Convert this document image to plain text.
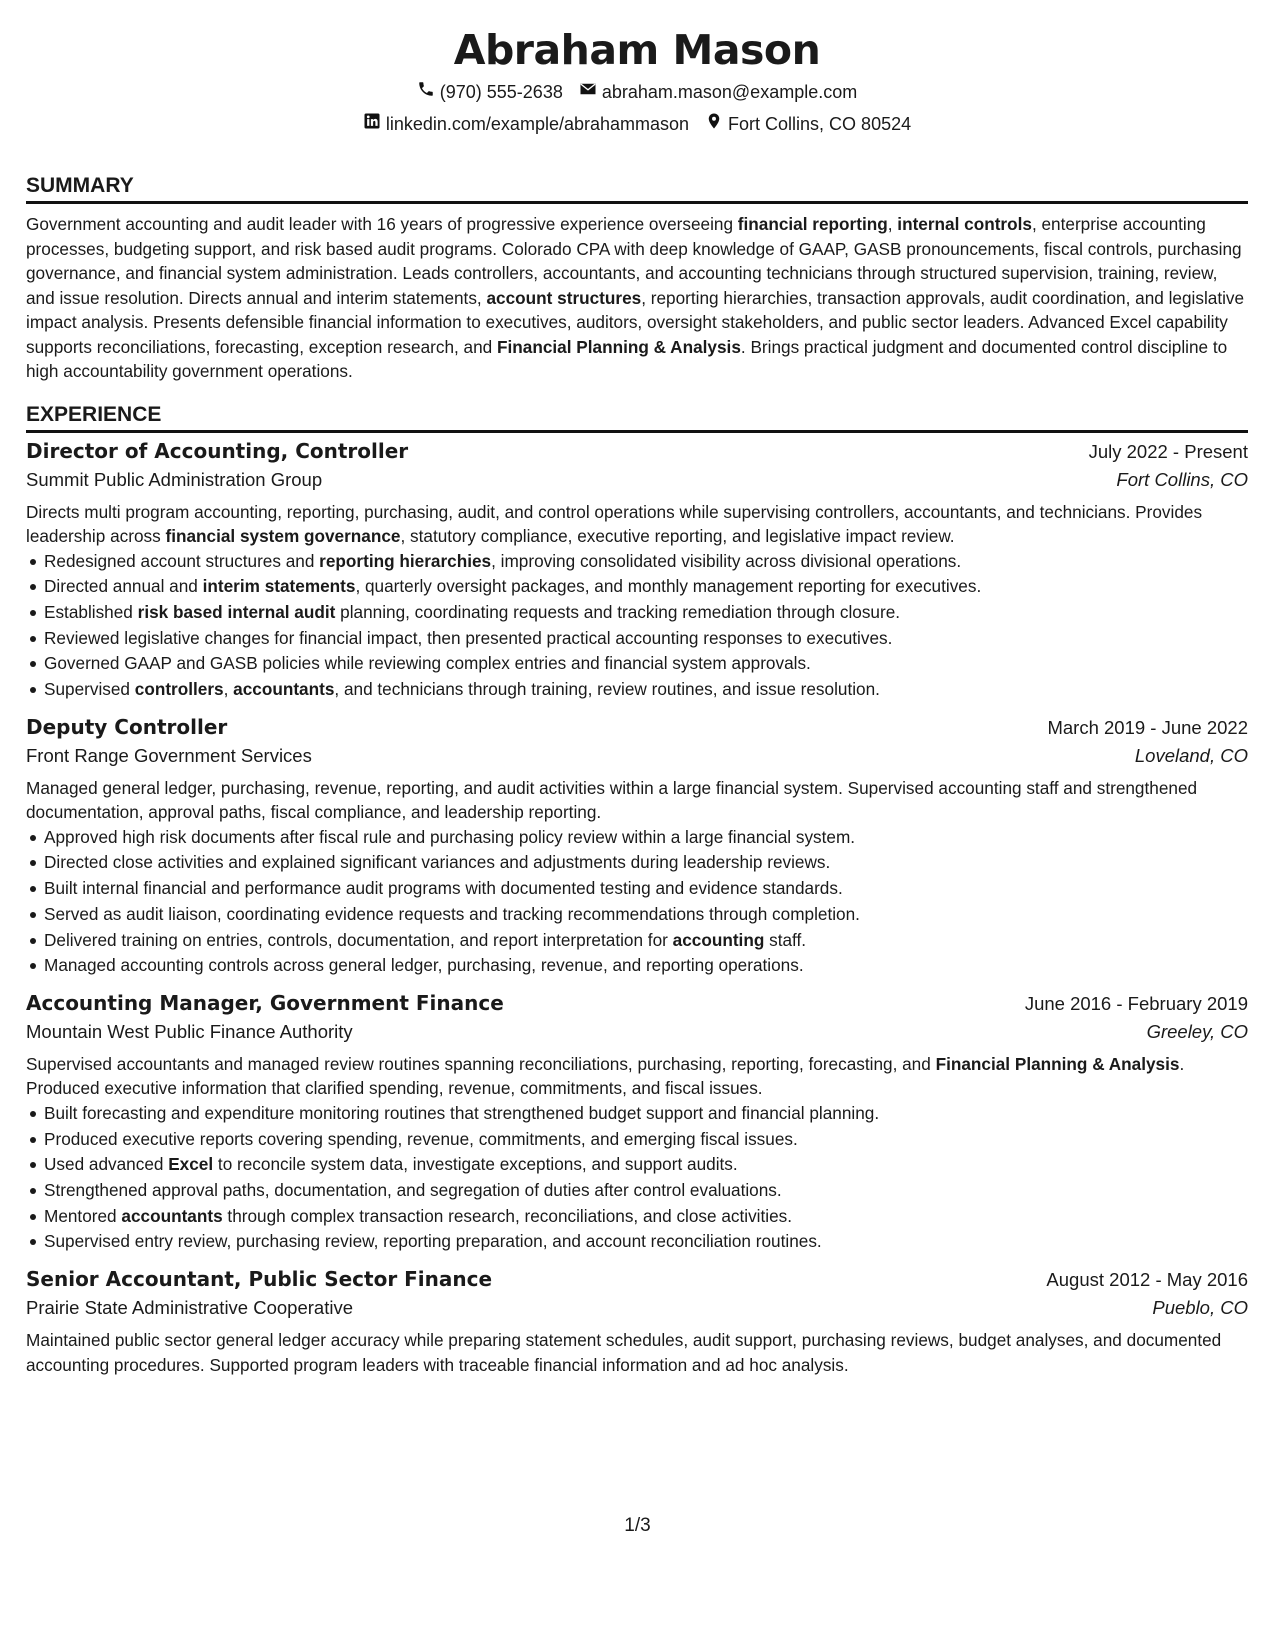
Abraham Mason
(970) 555-2638 abraham.mason@example.com
linkedin.com/example/abrahammason Fort Collins, CO 80524
SUMMARY

Government accounting and audit leader with 16 years of progressive experience overseeing financial reporting, internal controls, enterprise accounting processes, budgeting support, and risk based audit programs. Colorado CPA with deep knowledge of GAAP, GASB pronouncements, fiscal controls, purchasing governance, and financial system administration. Leads controllers, accountants, and accounting technicians through structured supervision, training, review, and issue resolution. Directs annual and interim statements, account structures, reporting hierarchies, transaction approvals, audit coordination, and legislative impact analysis. Presents defensible financial information to executives, auditors, oversight stakeholders, and public sector leaders. Advanced Excel capability supports reconciliations, forecasting, exception research, and Financial Planning & Analysis. Brings practical judgment and documented control discipline to high accountability government operations.

EXPERIENCE
Director of Accounting, Controller	July 2022 - Present
Summit Public Administration Group	Fort Collins, CO

Directs multi program accounting, reporting, purchasing, audit, and control operations while supervising controllers, accountants, and technicians. Provides leadership across financial system governance, statutory compliance, executive reporting, and legislative impact review.

Redesigned account structures and reporting hierarchies, improving consolidated visibility across divisional operations.
Directed annual and interim statements, quarterly oversight packages, and monthly management reporting for executives.
Established risk based internal audit planning, coordinating requests and tracking remediation through closure.
Reviewed legislative changes for financial impact, then presented practical accounting responses to executives.
Governed GAAP and GASB policies while reviewing complex entries and financial system approvals.
Supervised controllers, accountants, and technicians through training, review routines, and issue resolution.
Deputy Controller	March 2019 - June 2022
Front Range Government Services	Loveland, CO

Managed general ledger, purchasing, revenue, reporting, and audit activities within a large financial system. Supervised accounting staff and strengthened documentation, approval paths, fiscal compliance, and leadership reporting.

Approved high risk documents after fiscal rule and purchasing policy review within a large financial system.
Directed close activities and explained significant variances and adjustments during leadership reviews.
Built internal financial and performance audit programs with documented testing and evidence standards.
Served as audit liaison, coordinating evidence requests and tracking recommendations through completion.
Delivered training on entries, controls, documentation, and report interpretation for accounting staff.
Managed accounting controls across general ledger, purchasing, revenue, and reporting operations.
Accounting Manager, Government Finance	June 2016 - February 2019
Mountain West Public Finance Authority	Greeley, CO

Supervised accountants and managed review routines spanning reconciliations, purchasing, reporting, forecasting, and Financial Planning & Analysis. Produced executive information that clarified spending, revenue, commitments, and fiscal issues.

Built forecasting and expenditure monitoring routines that strengthened budget support and financial planning.
Produced executive reports covering spending, revenue, commitments, and emerging fiscal issues.
Used advanced Excel to reconcile system data, investigate exceptions, and support audits.
Strengthened approval paths, documentation, and segregation of duties after control evaluations.
Mentored accountants through complex transaction research, reconciliations, and close activities.
Supervised entry review, purchasing review, reporting preparation, and account reconciliation routines.
Senior Accountant, Public Sector Finance	August 2012 - May 2016
Prairie State Administrative Cooperative	Pueblo, CO

Maintained public sector general ledger accuracy while preparing statement schedules, audit support, purchasing reviews, budget analyses, and documented accounting procedures. Supported program leaders with traceable financial information and ad hoc analysis.

1/3
